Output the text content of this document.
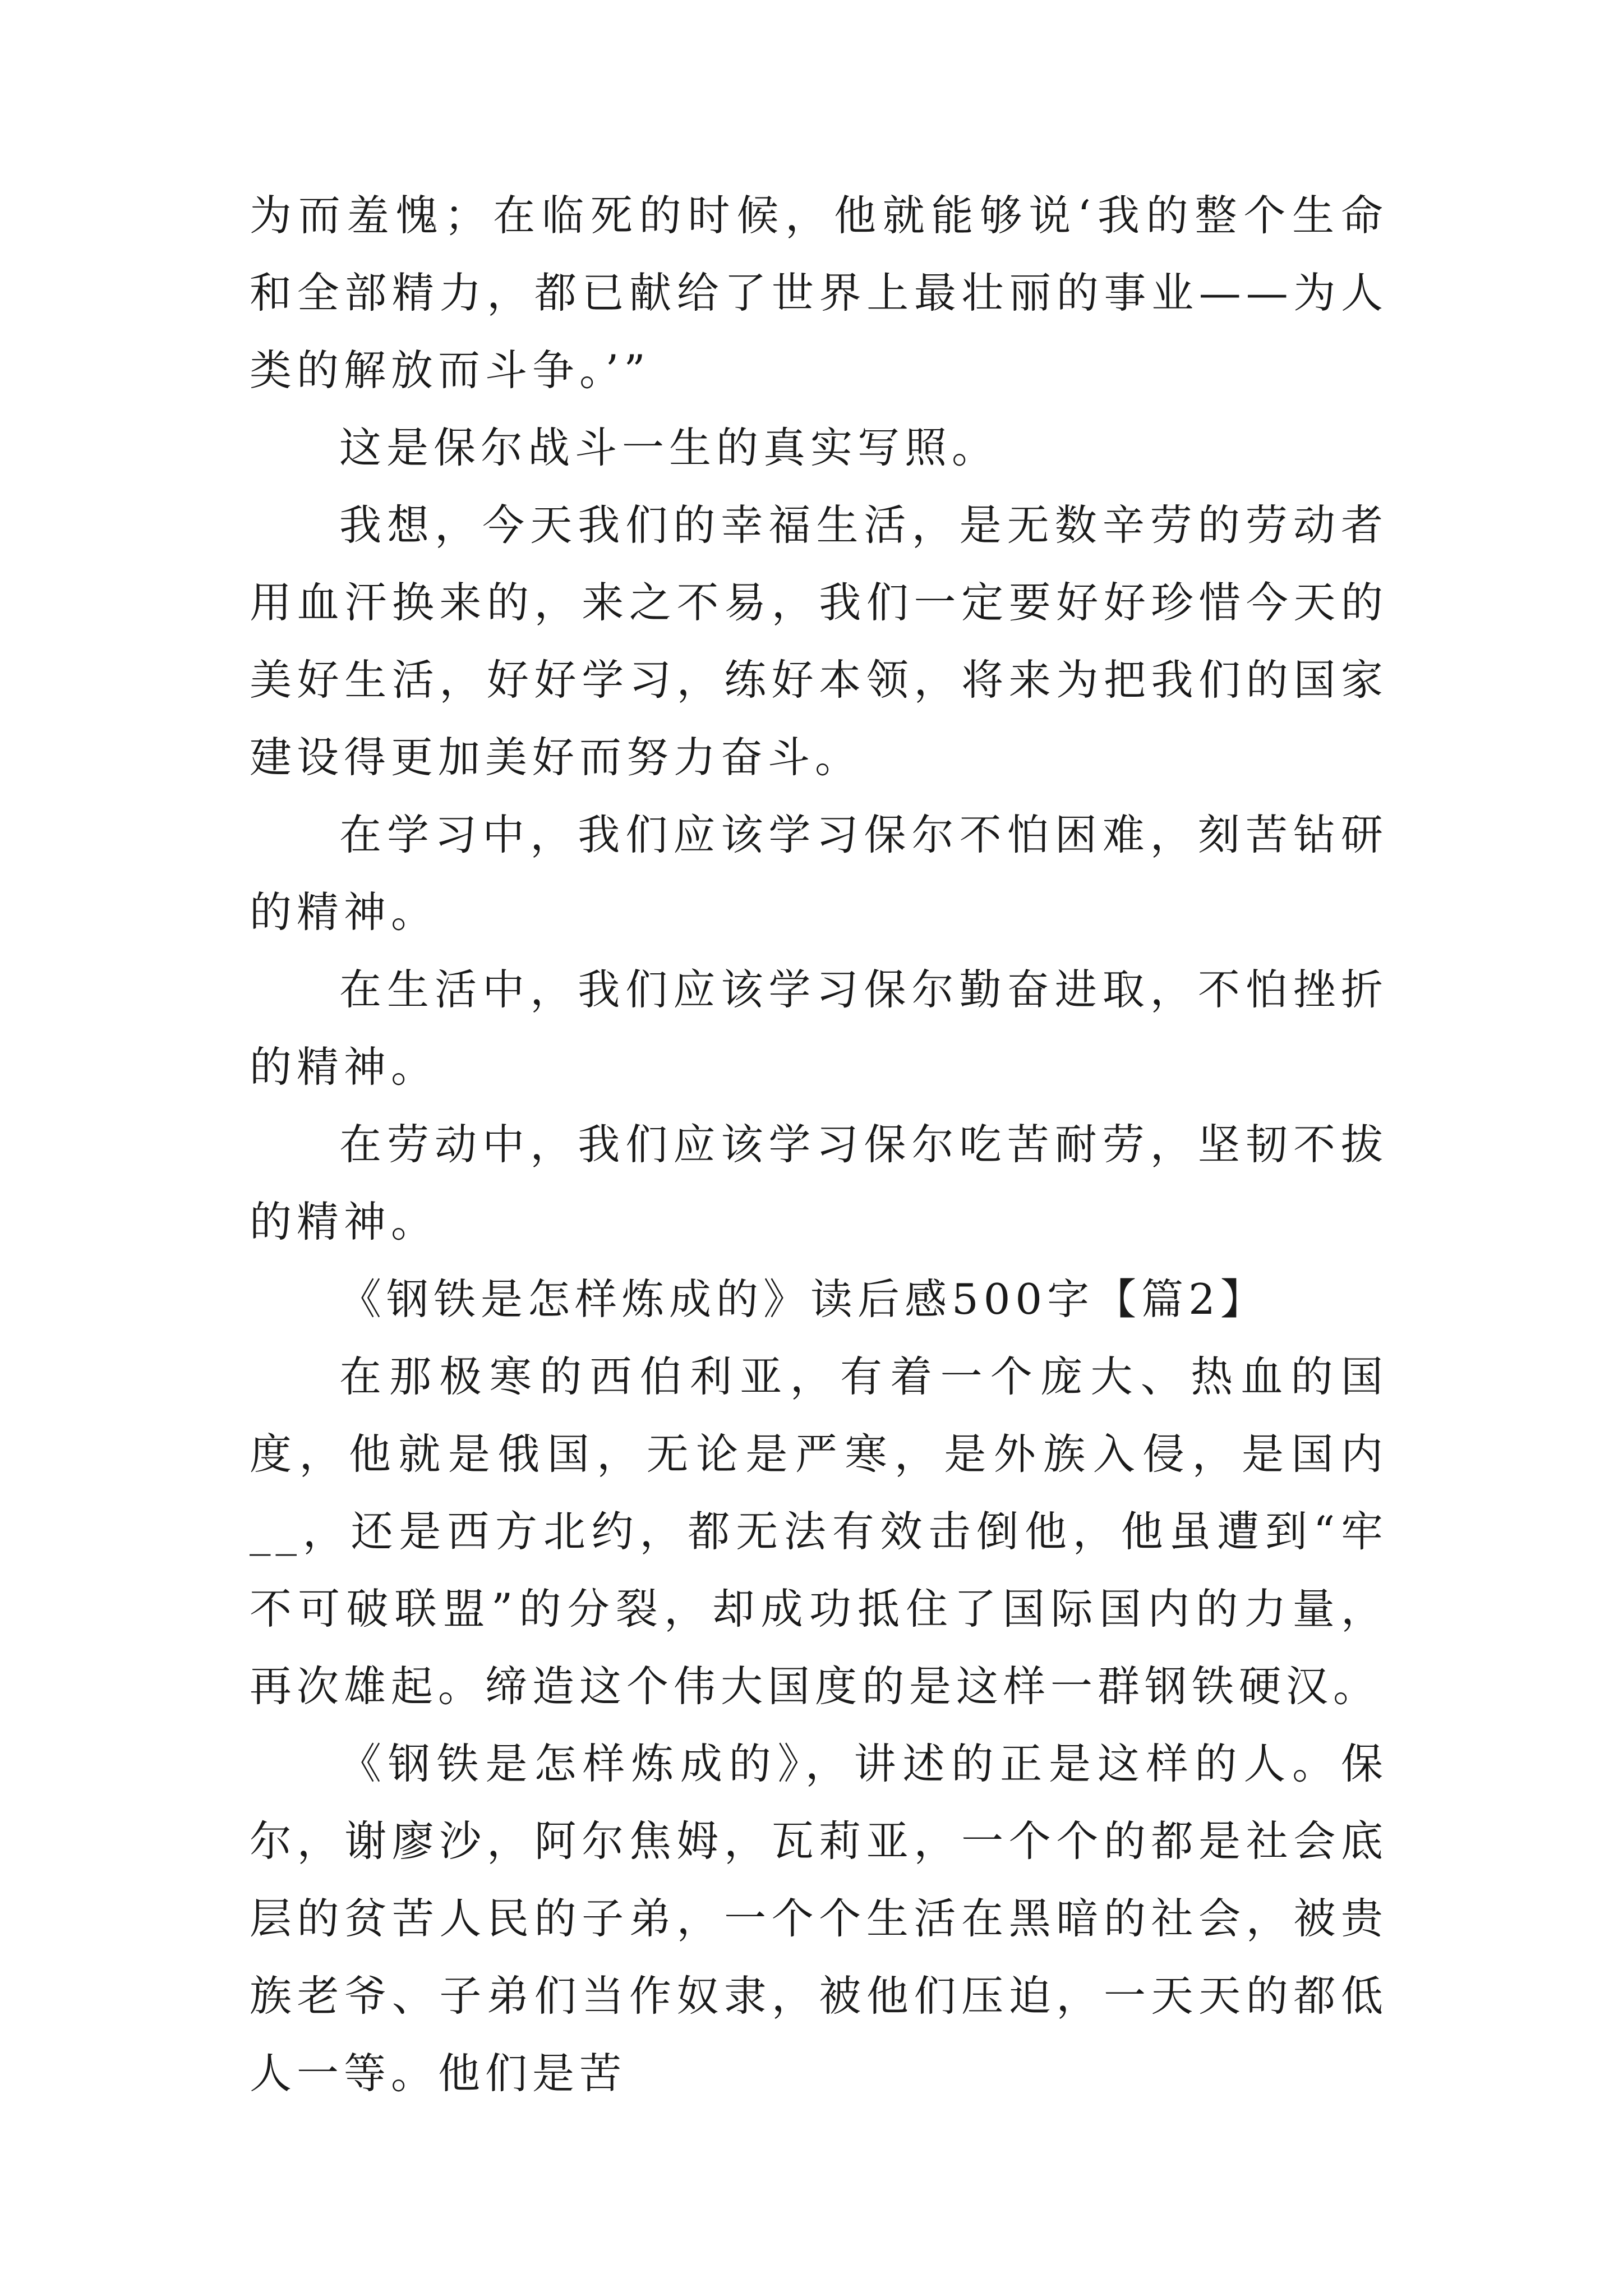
为而羞愧；在临死的时候，他就能够说‘我的整个生命和全部精力，都已献给了世界上最壮丽的事业——为人类的解放而斗争。’”

这是保尔战斗一生的真实写照。

我想，今天我们的幸福生活，是无数辛劳的劳动者用血汗换来的，来之不易，我们一定要好好珍惜今天的美好生活，好好学习，练好本领，将来为把我们的国家建设得更加美好而努力奋斗。

在学习中，我们应该学习保尔不怕困难，刻苦钻研的精神。

在生活中，我们应该学习保尔勤奋进取，不怕挫折的精神。

在劳动中，我们应该学习保尔吃苦耐劳，坚韧不拔的精神。

《钢铁是怎样炼成的》读后感500字【篇2】

在那极寒的西伯利亚，有着一个庞大、热血的国度，他就是俄国，无论是严寒，是外族入侵，是国内__，还是西方北约，都无法有效击倒他，他虽遭到“牢不可破联盟”的分裂，却成功抵住了国际国内的力量，再次雄起。缔造这个伟大国度的是这样一群钢铁硬汉。

《钢铁是怎样炼成的》，讲述的正是这样的人。保尔，谢廖沙，阿尔焦姆，瓦莉亚，一个个的都是社会底层的贫苦人民的子弟，一个个生活在黑暗的社会，被贵族老爷、子弟们当作奴隶，被他们压迫，一天天的都低人一等。他们是苦
